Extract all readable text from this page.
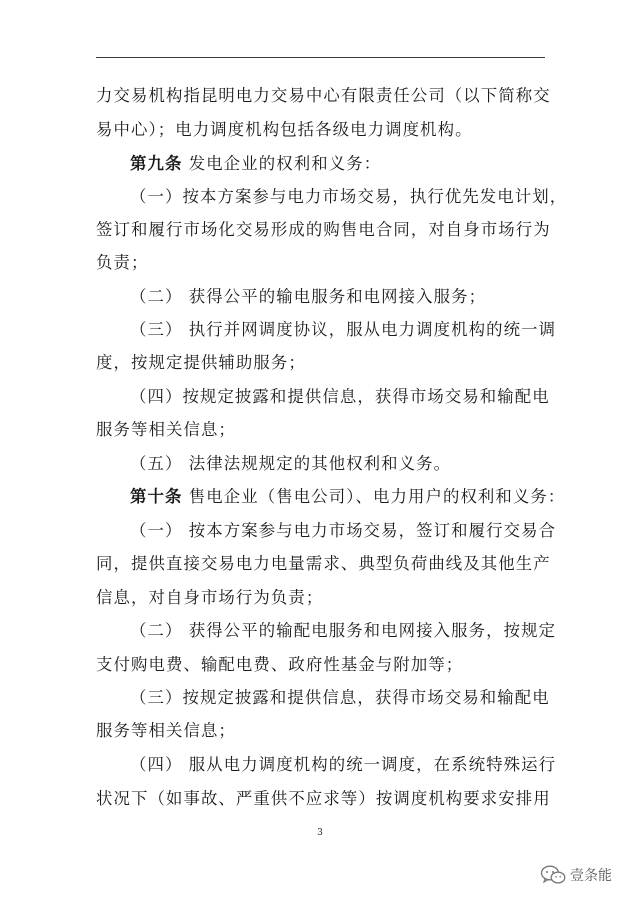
力交易机构指昆明电力交易中心有限责任公司（以下简称交
易中心）；电力调度机构包括各级电力调度机构。
第九条 发电企业的权利和义务：
（一）按本方案参与电力市场交易，执行优先发电计划，
签订和履行市场化交易形成的购售电合同，对自身市场行为
负责；
（二） 获得公平的输电服务和电网接入服务；
（三） 执行并网调度协议，服从电力调度机构的统一调
度，按规定提供辅助服务；
（四）按规定披露和提供信息，获得市场交易和输配电
服务等相关信息；
（五） 法律法规规定的其他权利和义务。
第十条 售电企业（售电公司）、电力用户的权利和义务：
（一） 按本方案参与电力市场交易，签订和履行交易合
同，提供直接交易电力电量需求、典型负荷曲线及其他生产
信息，对自身市场行为负责；
（二） 获得公平的输配电服务和电网接入服务，按规定
支付购电费、输配电费、政府性基金与附加等；
（三）按规定披露和提供信息，获得市场交易和输配电
服务等相关信息；
（四） 服从电力调度机构的统一调度，在系统特殊运行
状况下（如事故、严重供不应求等）按调度机构要求安排用
3
壹条能
